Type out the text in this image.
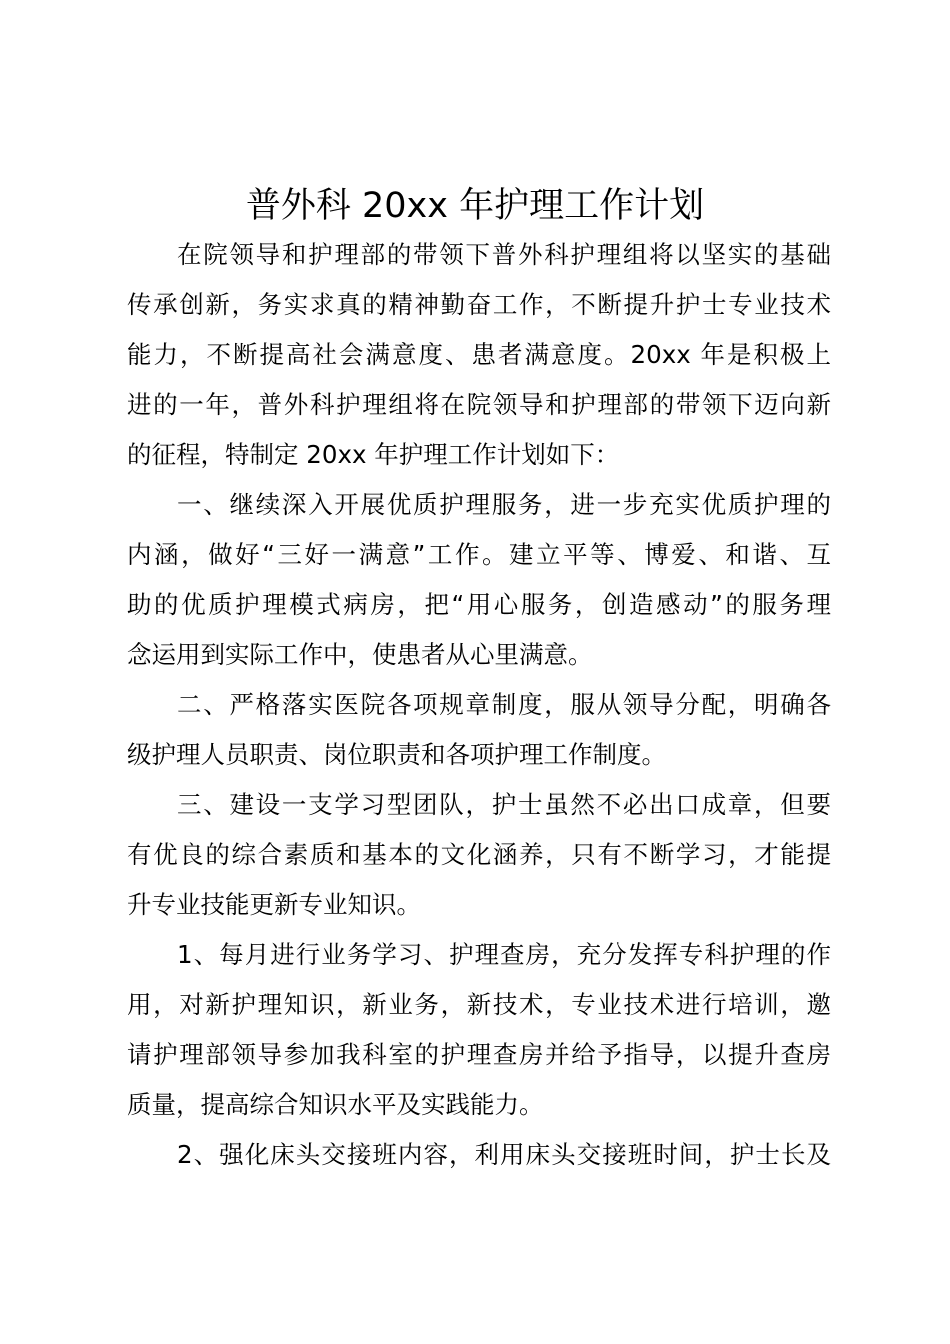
普外科 20xx 年护理工作计划
在院领导和护理部的带领下普外科护理组将以坚实的基础
传承创新，务实求真的精神勤奋工作，不断提升护士专业技术
能力，不断提高社会满意度、患者满意度。20xx 年是积极上
进的一年，普外科护理组将在院领导和护理部的带领下迈向新
的征程，特制定 20xx 年护理工作计划如下：
一、继续深入开展优质护理服务，进一步充实优质护理的
内涵，做好“三好一满意”工作。建立平等、博爱、和谐、互
助的优质护理模式病房，把“用心服务，创造感动”的服务理
念运用到实际工作中，使患者从心里满意。
二、严格落实医院各项规章制度，服从领导分配，明确各
级护理人员职责、岗位职责和各项护理工作制度。
三、建设一支学习型团队，护士虽然不必出口成章，但要
有优良的综合素质和基本的文化涵养，只有不断学习，才能提
升专业技能更新专业知识。
1、每月进行业务学习、护理查房，充分发挥专科护理的作
用，对新护理知识，新业务，新技术，专业技术进行培训，邀
请护理部领导参加我科室的护理查房并给予指导，以提升查房
质量，提高综合知识水平及实践能力。
2、强化床头交接班内容，利用床头交接班时间，护士长及
